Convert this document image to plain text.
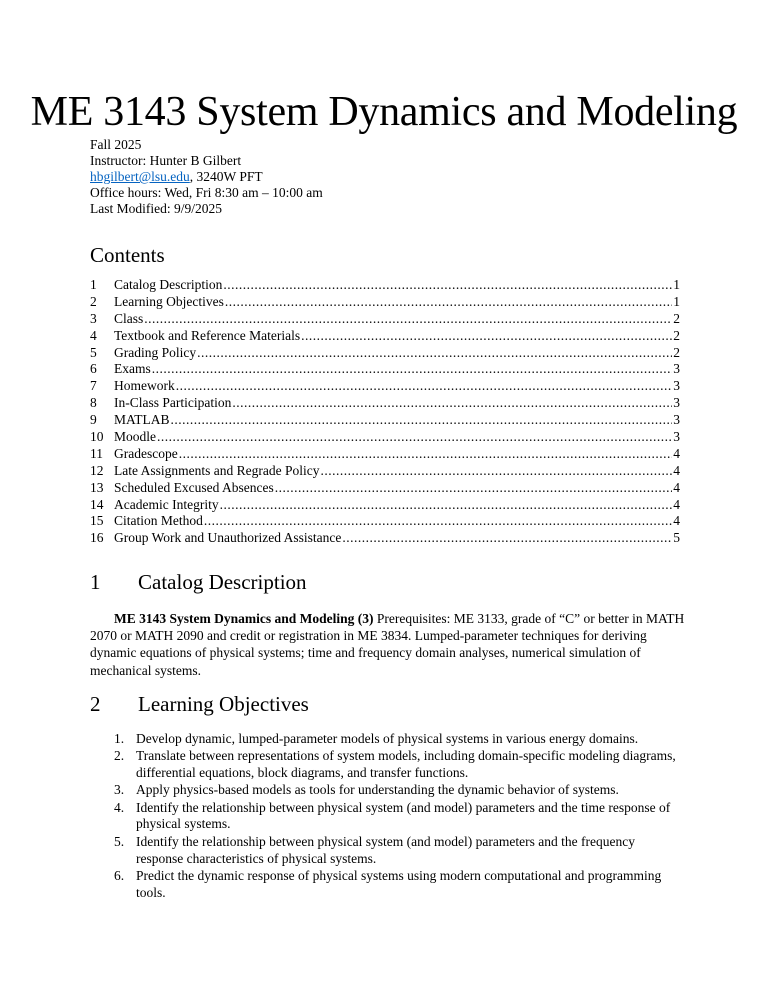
ME 3143 System Dynamics and Modeling
Fall 2025
Instructor: Hunter B Gilbert
hbgilbert@lsu.edu, 3240W PFT
Office hours: Wed, Fri 8:30 am – 10:00 am
Last Modified: 9/9/2025
Contents
1	Catalog Description .....	1
2	Learning Objectives .....	1
3	Class .....	2
4	Textbook and Reference Materials .....	2
5	Grading Policy .....	2
6	Exams .....	3
7	Homework .....	3
8	In-Class Participation .....	3
9	MATLAB .....	3
10 Moodle .....	3
11 Gradescope .....	4
12 Late Assignments and Regrade Policy .....	4
13 Scheduled Excused Absences .....	4
14 Academic Integrity .....	4
15 Citation Method .....	4
16 Group Work and Unauthorized Assistance .....	5
1 Catalog Description
ME 3143 System Dynamics and Modeling (3) Prerequisites: ME 3133, grade of “C” or better in MATH 2070 or MATH 2090 and credit or registration in ME 3834. Lumped-parameter techniques for deriving dynamic equations of physical systems; time and frequency domain analyses, numerical simulation of mechanical systems.
2 Learning Objectives
1. Develop dynamic, lumped-parameter models of physical systems in various energy domains.
2. Translate between representations of system models, including domain-specific modeling diagrams, differential equations, block diagrams, and transfer functions.
3. Apply physics-based models as tools for understanding the dynamic behavior of systems.
4. Identify the relationship between physical system (and model) parameters and the time response of physical systems.
5. Identify the relationship between physical system (and model) parameters and the frequency response characteristics of physical systems.
6. Predict the dynamic response of physical systems using modern computational and programming tools.
